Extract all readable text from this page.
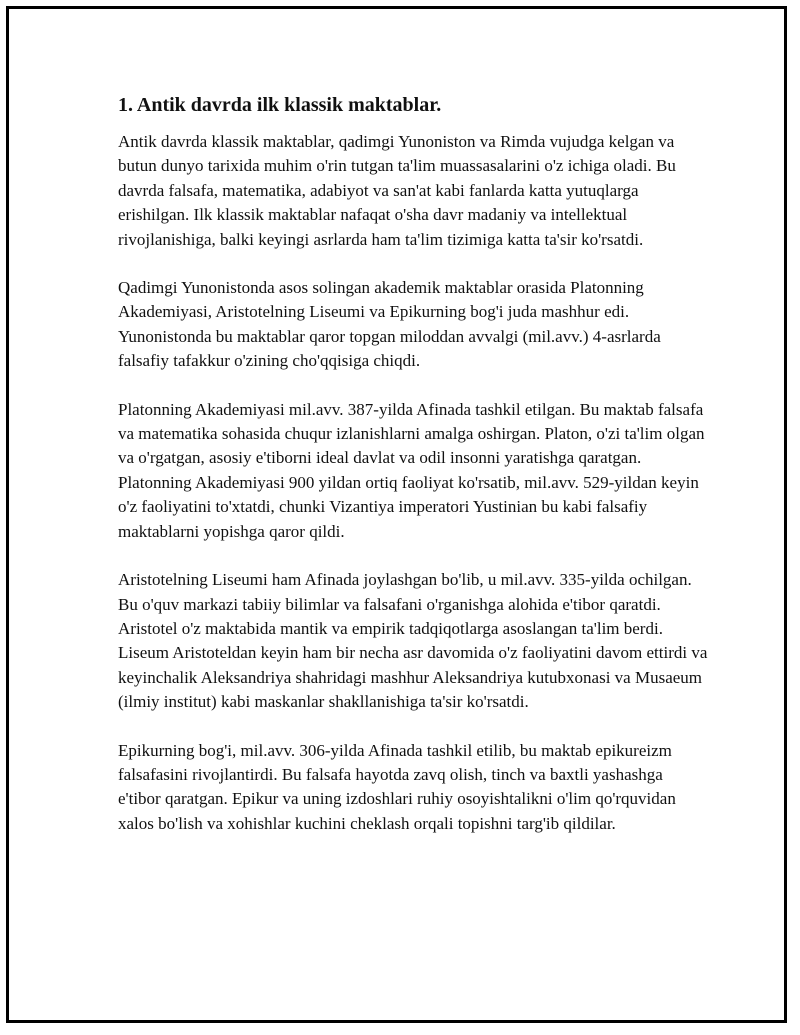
1. Antik davrda ilk klassik maktablar.

Antik davrda klassik maktablar, qadimgi Yunoniston va Rimda vujudga kelgan va butun dunyo tarixida muhim o'rin tutgan ta'lim muassasalarini o'z ichiga oladi. Bu davrda falsafa, matematika, adabiyot va san'at kabi fanlarda katta yutuqlarga erishilgan. Ilk klassik maktablar nafaqat o'sha davr madaniy va intellektual rivojlanishiga, balki keyingi asrlarda ham ta'lim tizimiga katta ta'sir ko'rsatdi.

Qadimgi Yunonistonda asos solingan akademik maktablar orasida Platonning Akademiyasi, Aristotelning Liseumi va Epikurning bog'i juda mashhur edi. Yunonistonda bu maktablar qaror topgan miloddan avvalgi (mil.avv.) 4-asrlarda falsafiy tafakkur o'zining cho'qqisiga chiqdi.

Platonning Akademiyasi mil.avv. 387-yilda Afinada tashkil etilgan. Bu maktab falsafa va matematika sohasida chuqur izlanishlarni amalga oshirgan. Platon, o'zi ta'lim olgan va o'rgatgan, asosiy e'tiborni ideal davlat va odil insonni yaratishga qaratgan. Platonning Akademiyasi 900 yildan ortiq faoliyat ko'rsatib, mil.avv. 529-yildan keyin o'z faoliyatini to'xtatdi, chunki Vizantiya imperatori Yustinian bu kabi falsafiy maktablarni yopishga qaror qildi.

Aristotelning Liseumi ham Afinada joylashgan bo'lib, u mil.avv. 335-yilda ochilgan. Bu o'quv markazi tabiiy bilimlar va falsafani o'rganishga alohida e'tibor qaratdi. Aristotel o'z maktabida mantik va empirik tadqiqotlarga asoslangan ta'lim berdi. Liseum Aristoteldan keyin ham bir necha asr davomida o'z faoliyatini davom ettirdi va keyinchalik Aleksandriya shahridagi mashhur Aleksandriya kutubxonasi va Musaeum (ilmiy institut) kabi maskanlar shakllanishiga ta'sir ko'rsatdi.

Epikurning bog'i, mil.avv. 306-yilda Afinada tashkil etilib, bu maktab epikureizm falsafasini rivojlantirdi. Bu falsafa hayotda zavq olish, tinch va baxtli yashashga e'tibor qaratgan. Epikur va uning izdoshlari ruhiy osoyishtalikni o'lim qo'rquvidan xalos bo'lish va xohishlar kuchini cheklash orqali topishni targ'ib qildilar.
